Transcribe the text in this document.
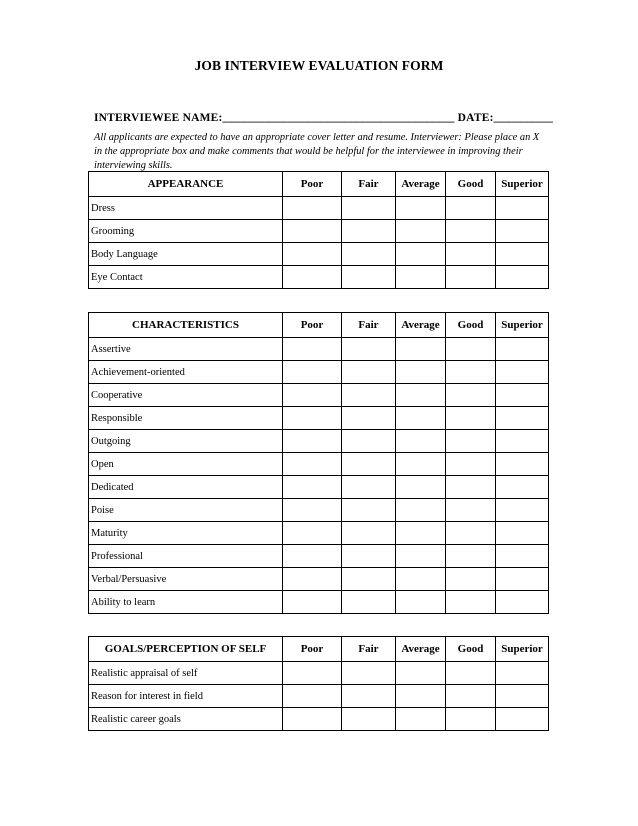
JOB INTERVIEW EVALUATION FORM
INTERVIEWEE NAME:_______________________________________ DATE:__________
All applicants are expected to have an appropriate cover letter and resume. Interviewer: Please place an X in the appropriate box and make comments that would be helpful for the interviewee in improving their interviewing skills.
APPEARANCE	Poor	Fair	Average	Good	Superior
Dress					
Grooming					
Body Language					
Eye Contact					
CHARACTERISTICS	Poor	Fair	Average	Good	Superior
Assertive					
Achievement-oriented					
Cooperative					
Responsible					
Outgoing					
Open					
Dedicated					
Poise					
Maturity					
Professional					
Verbal/Persuasive					
Ability to learn					
GOALS/PERCEPTION OF SELF	Poor	Fair	Average	Good	Superior
Realistic appraisal of self					
Reason for interest in field					
Realistic career goals					
